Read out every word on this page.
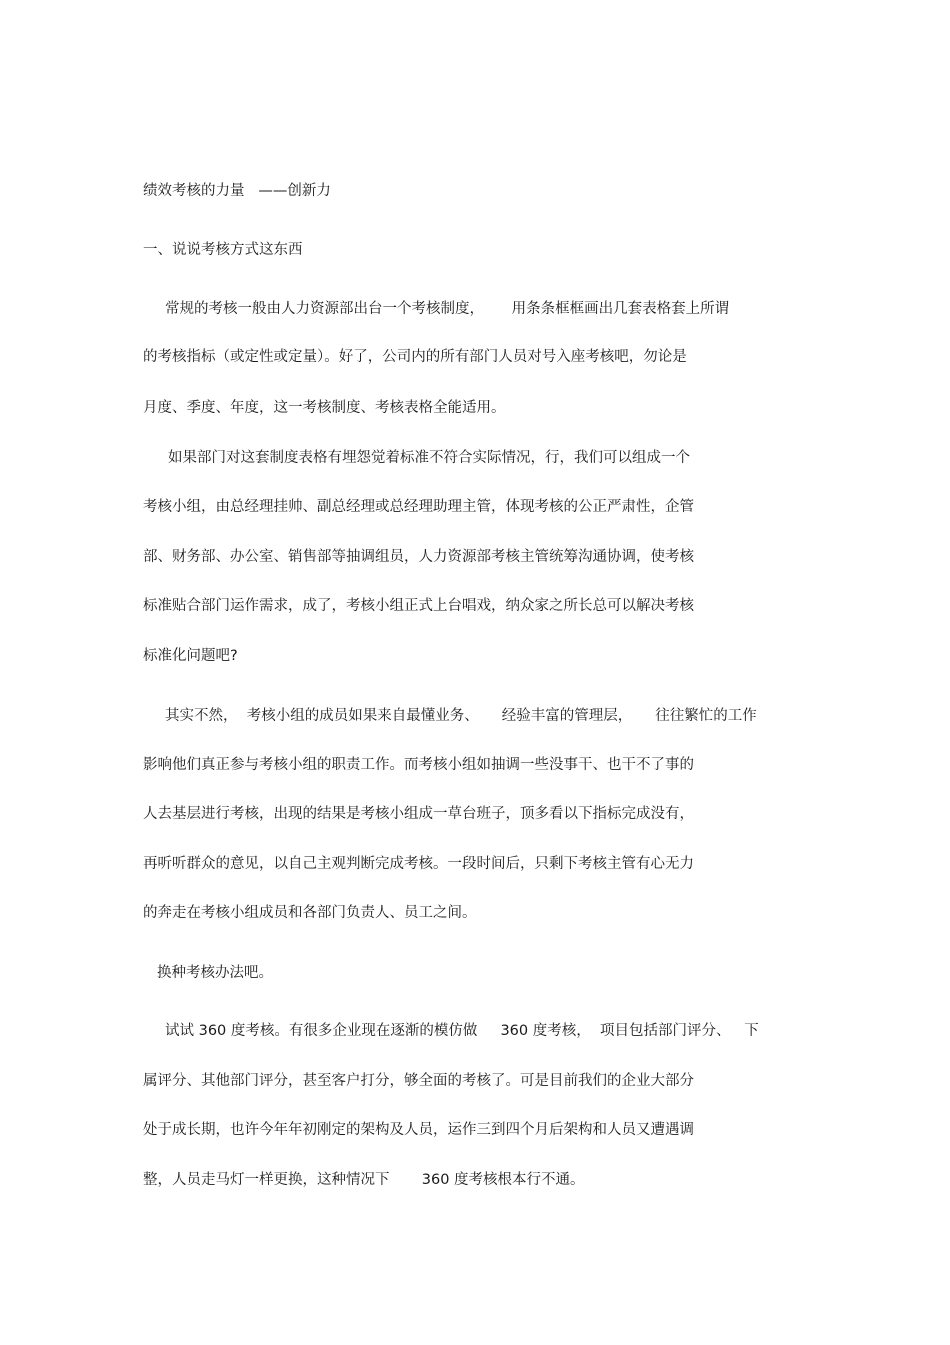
绩效考核的力量   ——创新力
一、说说考核方式这东西
常规的考核一般由人力资源部出台一个考核制度，      用条条框框画出几套表格套上所谓
的考核指标（或定性或定量）。好了，公司内的所有部门人员对号入座考核吧，勿论是
月度、季度、年度，这一考核制度、考核表格全能适用。
如果部门对这套制度表格有埋怨觉着标准不符合实际情况，行，我们可以组成一个
考核小组，由总经理挂帅、副总经理或总经理助理主管，体现考核的公正严肃性，企管
部、财务部、办公室、销售部等抽调组员，人力资源部考核主管统筹沟通协调，使考核
标准贴合部门运作需求，成了，考核小组正式上台唱戏，纳众家之所长总可以解决考核
标准化问题吧?
其实不然，  考核小组的成员如果来自最懂业务、     经验丰富的管理层，     往往繁忙的工作
影响他们真正参与考核小组的职责工作。而考核小组如抽调一些没事干、也干不了事的
人去基层进行考核，出现的结果是考核小组成一草台班子，顶多看以下指标完成没有，
再听听群众的意见，以自己主观判断完成考核。一段时间后，只剩下考核主管有心无力
的奔走在考核小组成员和各部门负责人、员工之间。
换种考核办法吧。
试试 360 度考核。有很多企业现在逐渐的模仿做     360 度考核，  项目包括部门评分、   下
属评分、其他部门评分，甚至客户打分，够全面的考核了。可是目前我们的企业大部分
处于成长期，也许今年年初刚定的架构及人员，运作三到四个月后架构和人员又遭遇调
整，人员走马灯一样更换，这种情况下       360 度考核根本行不通。
